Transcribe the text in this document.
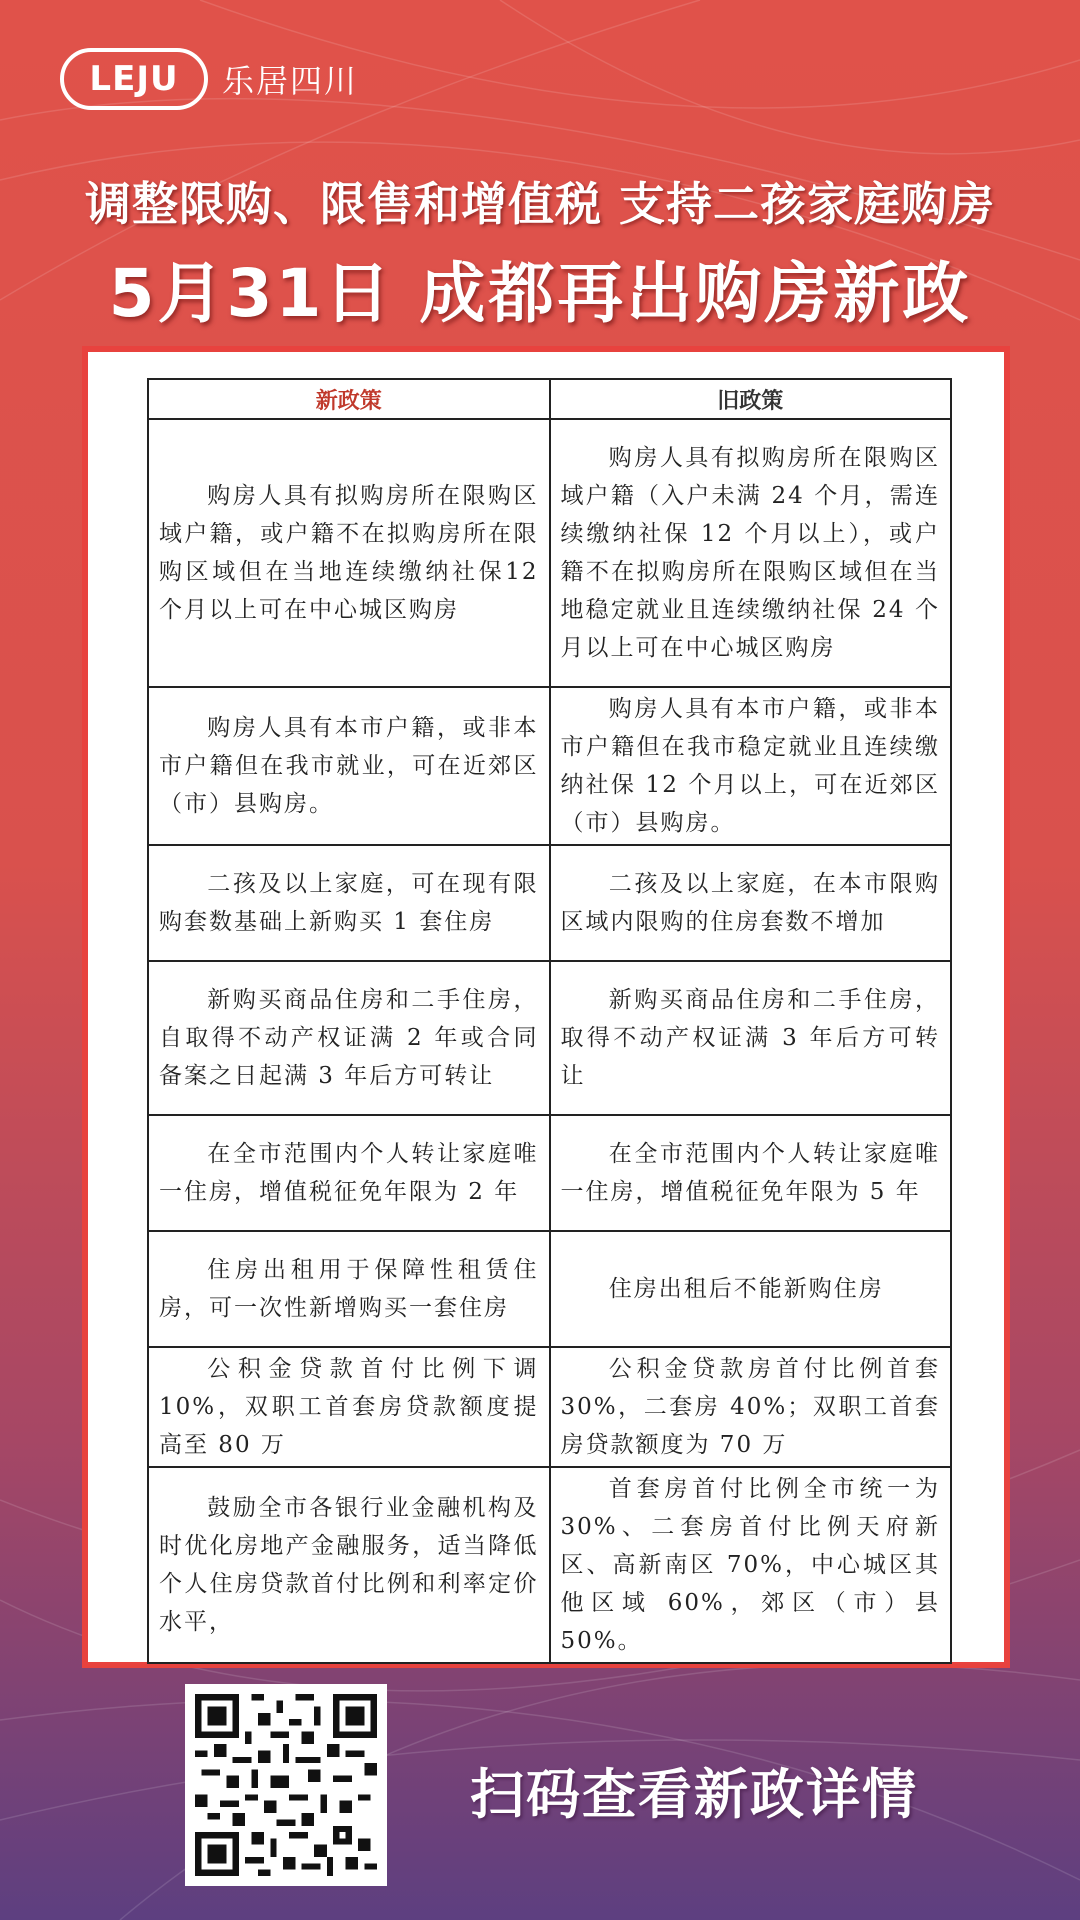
LEJU 乐居四川
调整限购、限售和增值税 支持二孩家庭购房
5月31日 成都再出购房新政
新政策	旧政策

购房人具有拟购房所在限购区域户籍，或户籍不在拟购房所在限购区域但在当地连续缴纳社保12个月以上可在中心城区购房	购房人具有拟购房所在限购区域户籍（入户未满 24 个月，需连续缴纳社保 12 个月以上），或户籍不在拟购房所在限购区域但在当地稳定就业且连续缴纳社保 24 个月以上可在中心城区购房

购房人具有本市户籍，或非本市户籍但在我市就业，可在近郊区（市）县购房。	购房人具有本市户籍，或非本市户籍但在我市稳定就业且连续缴纳社保 12 个月以上，可在近郊区（市）县购房。

二孩及以上家庭，可在现有限购套数基础上新购买 1 套住房	二孩及以上家庭，在本市限购区域内限购的住房套数不增加

新购买商品住房和二手住房，自取得不动产权证满 2 年或合同备案之日起满 3 年后方可转让	新购买商品住房和二手住房，取得不动产权证满 3 年后方可转让

在全市范围内个人转让家庭唯一住房，增值税征免年限为 2 年	在全市范围内个人转让家庭唯一住房，增值税征免年限为 5 年

住房出租用于保障性租赁住房，可一次性新增购买一套住房	住房出租后不能新购住房

公积金贷款首付比例下调 10%，双职工首套房贷款额度提高至 80 万	公积金贷款房首付比例首套 30%，二套房 40%；双职工首套房贷款额度为 70 万

鼓励全市各银行业金融机构及时优化房地产金融服务，适当降低个人住房贷款首付比例和利率定价水平，	首套房首付比例全市统一为 30%、二套房首付比例天府新区、高新南区 70%，中心城区其他区域 60%，郊区（市）县 50%。
扫码查看新政详情
